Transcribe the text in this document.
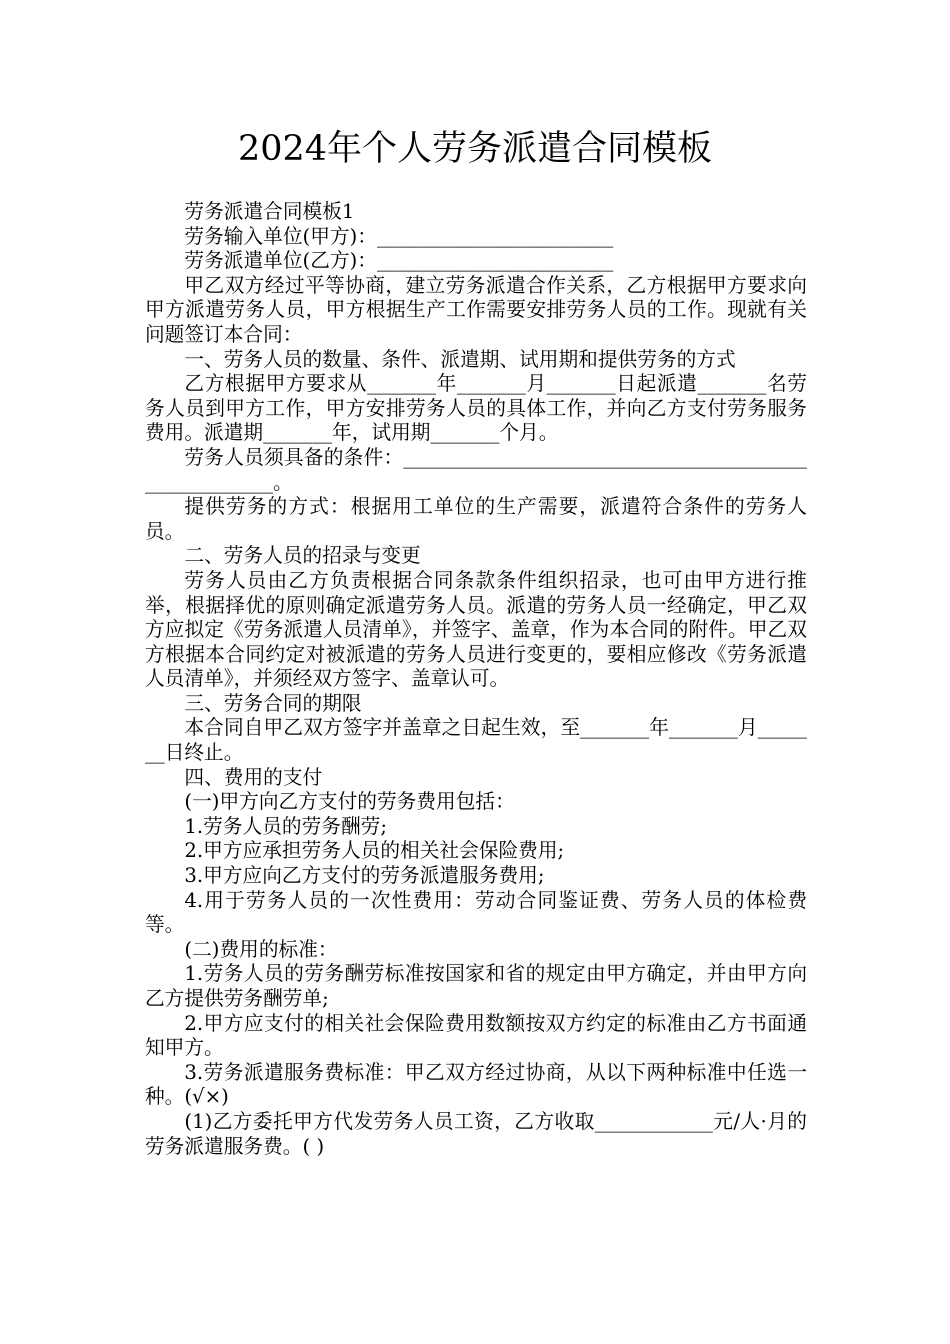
2024年个人劳务派遣合同模板

劳务派遣合同模板1

劳务输入单位(甲方)：________________________

劳务派遣单位(乙方)：________________________

甲乙双方经过平等协商，建立劳务派遣合作关系，乙方根据甲方要求向甲方派遣劳务人员，甲方根据生产工作需要安排劳务人员的工作。现就有关问题签订本合同：

一、劳务人员的数量、条件、派遣期、试用期和提供劳务的方式

乙方根据甲方要求从_______年_______月_______日起派遣_______名劳务人员到甲方工作，甲方安排劳务人员的具体工作，并向乙方支付劳务服务费用。派遣期_______年，试用期_______个月。

劳务人员须具备的条件：______________________________________________________。

提供劳务的方式：根据用工单位的生产需要，派遣符合条件的劳务人员。

二、劳务人员的招录与变更

劳务人员由乙方负责根据合同条款条件组织招录，也可由甲方进行推举，根据择优的原则确定派遣劳务人员。派遣的劳务人员一经确定，甲乙双方应拟定《劳务派遣人员清单》，并签字、盖章，作为本合同的附件。甲乙双方根据本合同约定对被派遣的劳务人员进行变更的，要相应修改《劳务派遣人员清单》，并须经双方签字、盖章认可。

三、劳务合同的期限

本合同自甲乙双方签字并盖章之日起生效，至_______年_______月_______日终止。

四、费用的支付

(一)甲方向乙方支付的劳务费用包括：

1.劳务人员的劳务酬劳;

2.甲方应承担劳务人员的相关社会保险费用;

3.甲方应向乙方支付的劳务派遣服务费用;

4.用于劳务人员的一次性费用：劳动合同鉴证费、劳务人员的体检费等。

(二)费用的标准：

1.劳务人员的劳务酬劳标准按国家和省的规定由甲方确定，并由甲方向乙方提供劳务酬劳单;

2.甲方应支付的相关社会保险费用数额按双方约定的标准由乙方书面通知甲方。

3.劳务派遣服务费标准：甲乙双方经过协商，从以下两种标准中任选一种。(√×)

(1)乙方委托甲方代发劳务人员工资，乙方收取____________元/人·月的劳务派遣服务费。( )
